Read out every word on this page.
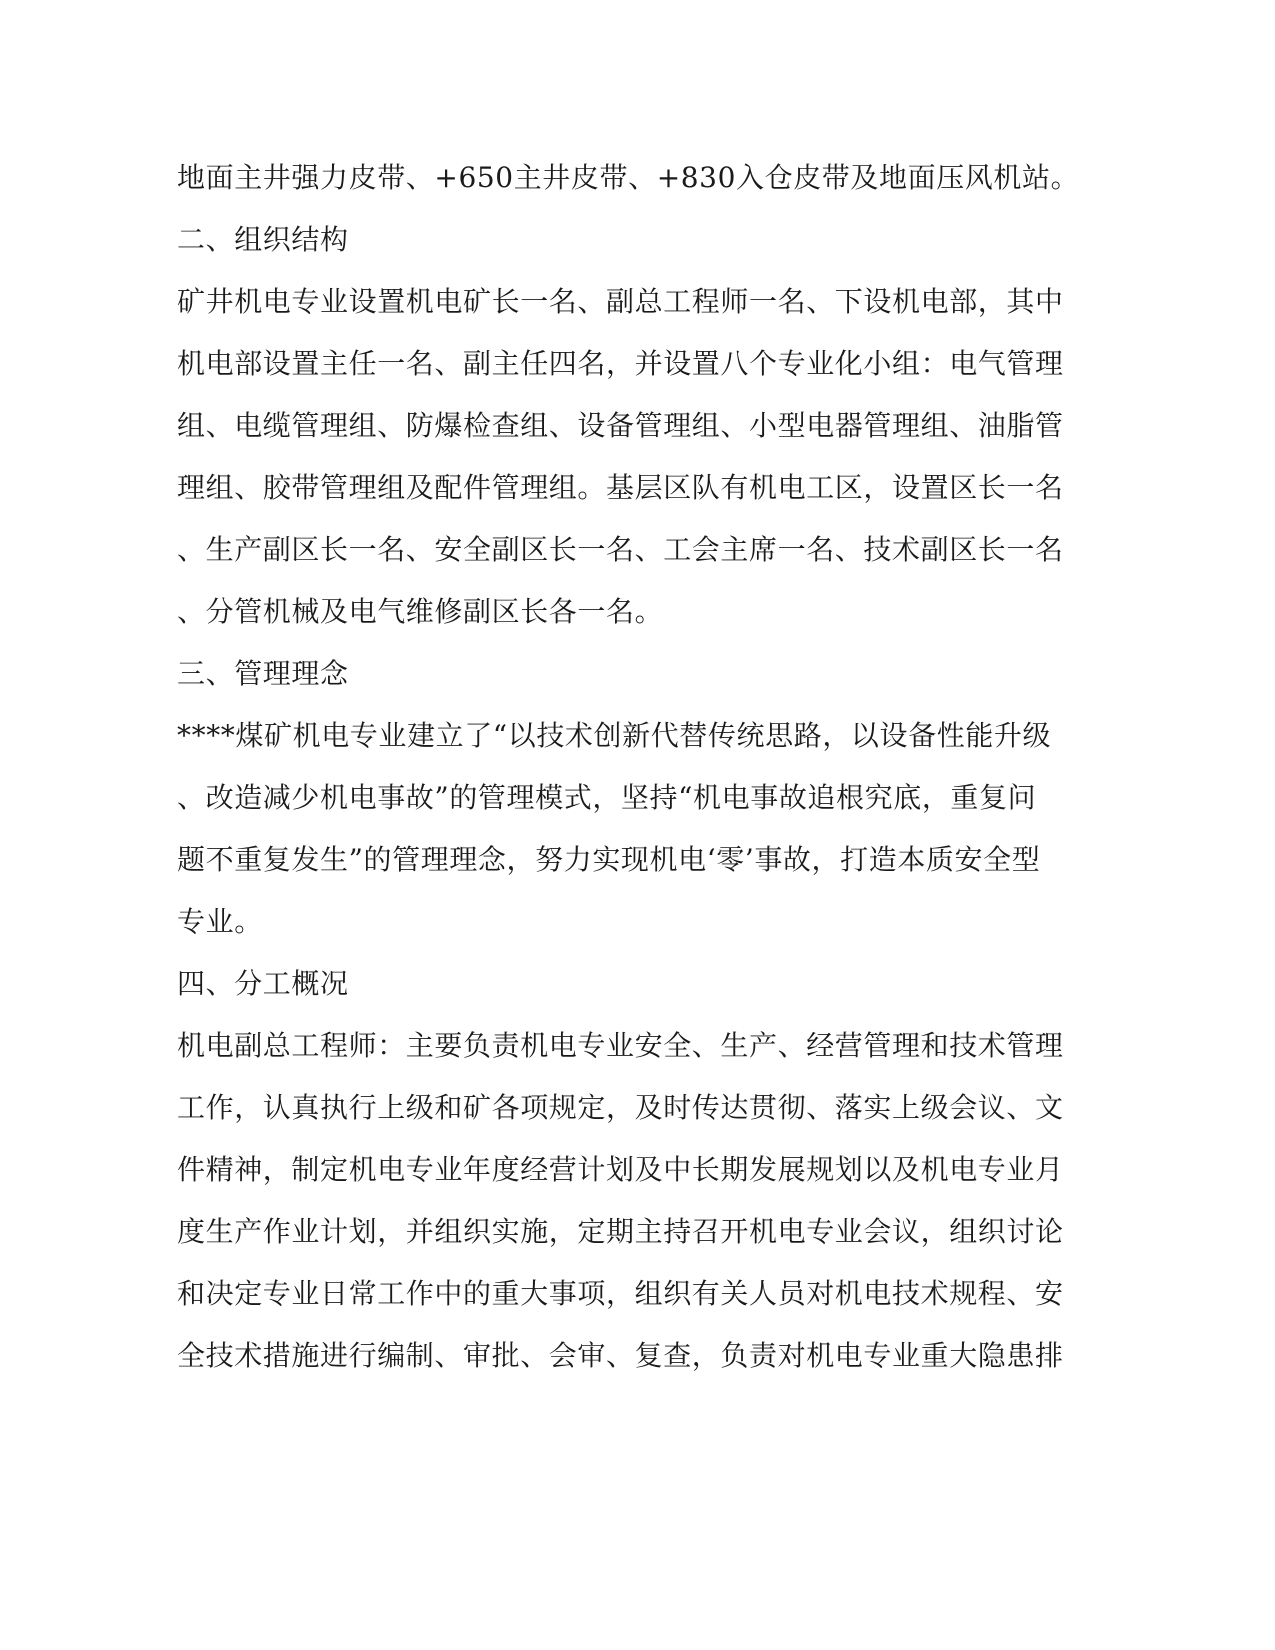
地面主井强力皮带、+650主井皮带、+830入仓皮带及地面压风机站。
二、组织结构
矿井机电专业设置机电矿长一名、副总工程师一名、下设机电部，其中
机电部设置主任一名、副主任四名，并设置八个专业化小组：电气管理
组、电缆管理组、防爆检查组、设备管理组、小型电器管理组、油脂管
理组、胶带管理组及配件管理组。基层区队有机电工区，设置区长一名
、生产副区长一名、安全副区长一名、工会主席一名、技术副区长一名
、分管机械及电气维修副区长各一名。
三、管理理念
****煤矿机电专业建立了“以技术创新代替传统思路，以设备性能升级
、改造减少机电事故”的管理模式，坚持“机电事故追根究底，重复问
题不重复发生”的管理理念，努力实现机电‘零’事故，打造本质安全型
专业。
四、分工概况
机电副总工程师：主要负责机电专业安全、生产、经营管理和技术管理
工作，认真执行上级和矿各项规定，及时传达贯彻、落实上级会议、文
件精神，制定机电专业年度经营计划及中长期发展规划以及机电专业月
度生产作业计划，并组织实施，定期主持召开机电专业会议，组织讨论
和决定专业日常工作中的重大事项，组织有关人员对机电技术规程、安
全技术措施进行编制、审批、会审、复查，负责对机电专业重大隐患排
